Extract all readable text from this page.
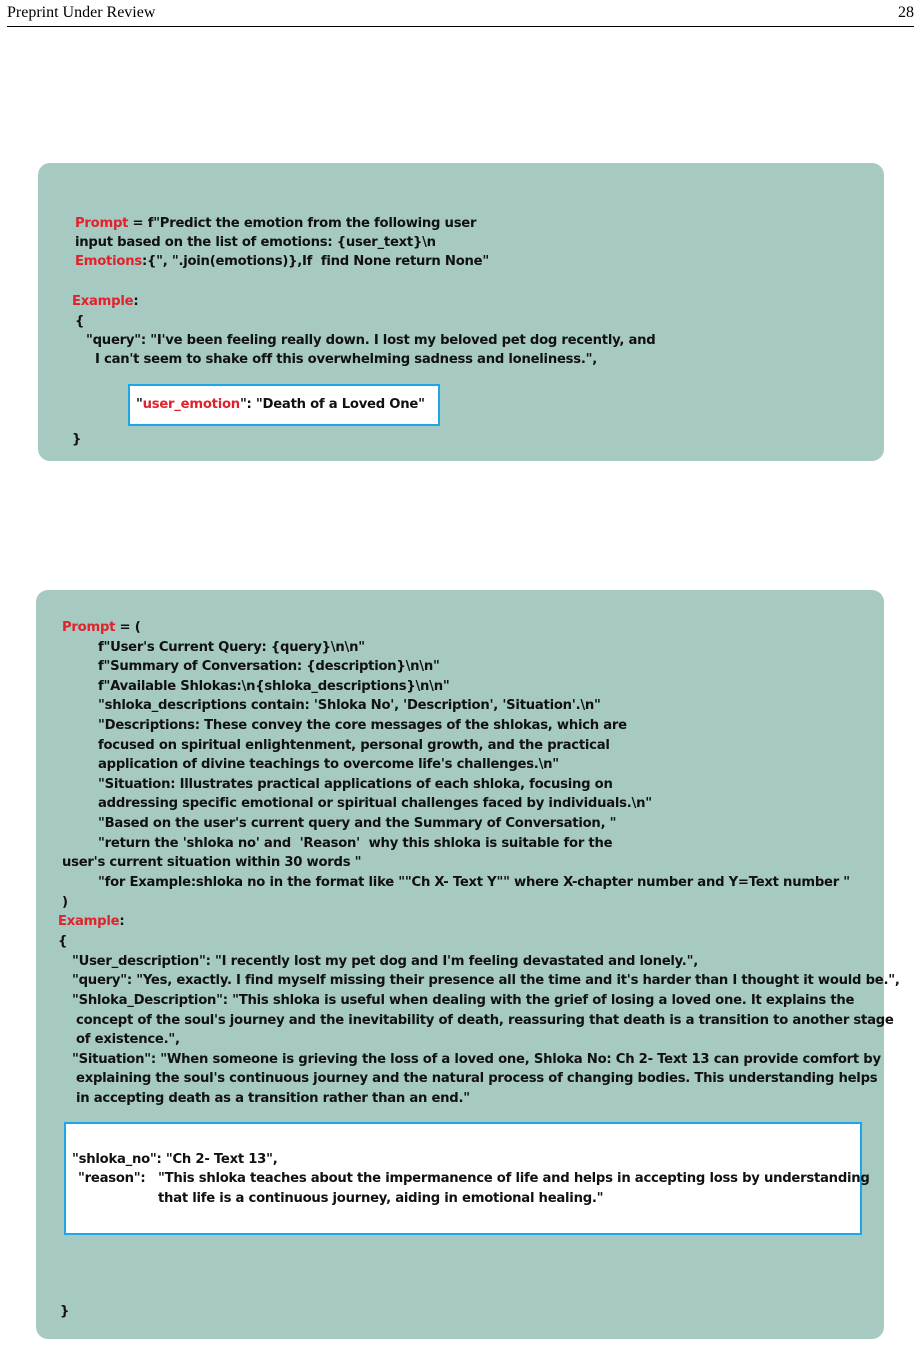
Preprint Under Review	28
Prompt = f"Predict the emotion from the following user
input based on the list of emotions: {user_text}\n
Emotions:{", ".join(emotions)},If  find None return None"
Example:
{
"query": "I've been feeling really down. I lost my beloved pet dog recently, and
I can't seem to shake off this overwhelming sadness and loneliness.",
"user_emotion": "Death of a Loved One"
}
Prompt = (
f"User's Current Query: {query}\n\n"
f"Summary of Conversation: {description}\n\n"
f"Available Shlokas:\n{shloka_descriptions}\n\n"
"shloka_descriptions contain: 'Shloka No', 'Description', 'Situation'.\n"
"Descriptions: These convey the core messages of the shlokas, which are
focused on spiritual enlightenment, personal growth, and the practical
application of divine teachings to overcome life's challenges.\n"
"Situation: Illustrates practical applications of each shloka, focusing on
addressing specific emotional or spiritual challenges faced by individuals.\n"
"Based on the user's current query and the Summary of Conversation, "
"return the 'shloka no' and  'Reason'  why this shloka is suitable for the
user's current situation within 30 words "
"for Example:shloka no in the format like ""Ch X- Text Y"" where X-chapter number and Y=Text number "
)
Example:
{
"User_description": "I recently lost my pet dog and I'm feeling devastated and lonely.",
"query": "Yes, exactly. I find myself missing their presence all the time and it's harder than I thought it would be.",
"Shloka_Description": "This shloka is useful when dealing with the grief of losing a loved one. It explains the
concept of the soul's journey and the inevitability of death, reassuring that death is a transition to another stage
of existence.",
"Situation": "When someone is grieving the loss of a loved one, Shloka No: Ch 2- Text 13 can provide comfort by
explaining the soul's continuous journey and the natural process of changing bodies. This understanding helps
in accepting death as a transition rather than an end."
"shloka_no": "Ch 2- Text 13",
"reason": "This shloka teaches about the impermanence of life and helps in accepting loss by understanding
that life is a continuous journey, aiding in emotional healing."
}
